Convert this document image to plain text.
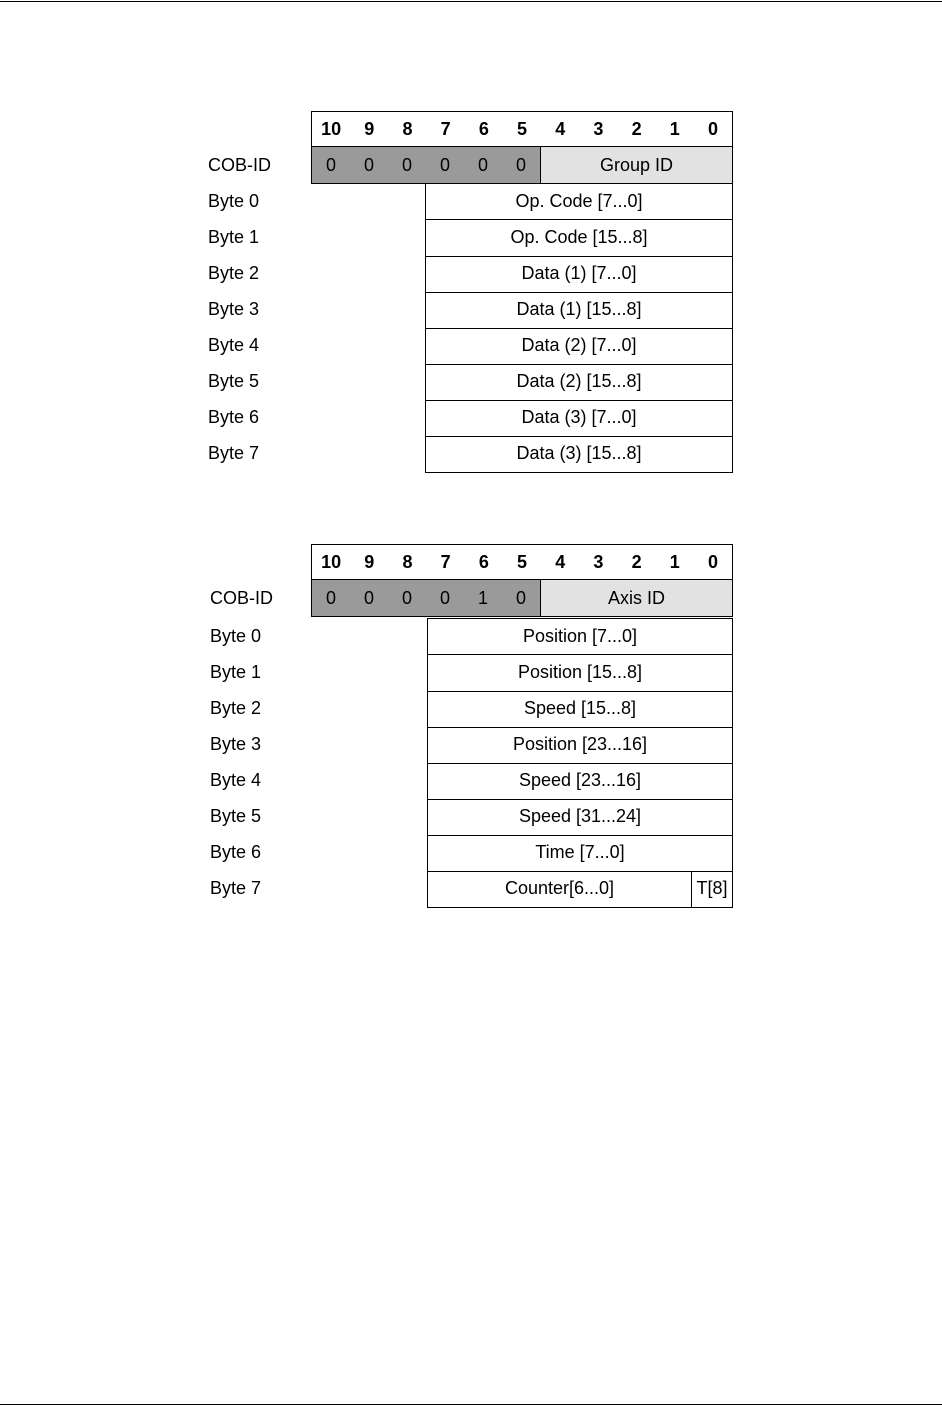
10	9	8	7	6	5	4	3	2	1	0
COB-ID	0	0	0	0	0	0	Group ID
Byte 0	Op. Code [7...0]
Byte 1	Op. Code [15...8]
Byte 2	Data (1) [7...0]
Byte 3	Data (1) [15...8]
Byte 4	Data (2) [7...0]
Byte 5	Data (2) [15...8]
Byte 6	Data (3) [7...0]
Byte 7	Data (3) [15...8]
10	9	8	7	6	5	4	3	2	1	0
COB-ID	0	0	0	0	1	0	Axis ID
Byte 0	Position [7...0]
Byte 1	Position [15...8]
Byte 2	Speed [15...8]
Byte 3	Position [23...16]
Byte 4	Speed [23...16]
Byte 5	Speed [31...24]
Byte 6	Time [7...0]
Byte 7	Counter[6...0]	T[8]
